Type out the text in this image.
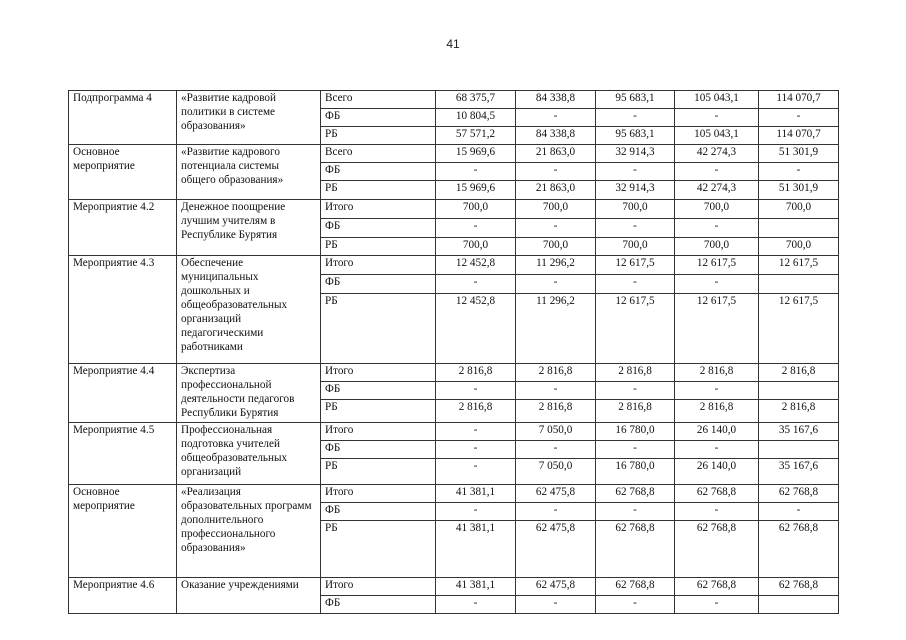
41
Подпрограмма 4	«Развитие кадровой политики в системе образования»	Всего	68 375,7	84 338,8	95 683,1	105 043,1	114 070,7
		ФБ	10 804,5	-	-	-	-
		РБ	57 571,2	84 338,8	95 683,1	105 043,1	114 070,7
Основное мероприятие	«Развитие кадрового потенциала системы общего образования»	Всего	15 969,6	21 863,0	32 914,3	42 274,3	51 301,9
		ФБ	-	-	-	-	-
		РБ	15 969,6	21 863,0	32 914,3	42 274,3	51 301,9
Мероприятие 4.2	Денежное поощрение лучшим учителям в Республике Бурятия	Итого	700,0	700,0	700,0	700,0	700,0
		ФБ	-	-	-	-	
		РБ	700,0	700,0	700,0	700,0	700,0
Мероприятие 4.3	Обеспечение муниципальных дошкольных и общеобразовательных организаций педагогическими работниками	Итого	12 452,8	11 296,2	12 617,5	12 617,5	12 617,5
		ФБ	-	-	-	-	
		РБ	12 452,8	11 296,2	12 617,5	12 617,5	12 617,5
Мероприятие 4.4	Экспертиза профессиональной деятельности педагогов Республики Бурятия	Итого	2 816,8	2 816,8	2 816,8	2 816,8	2 816,8
		ФБ	-	-	-	-	
		РБ	2 816,8	2 816,8	2 816,8	2 816,8	2 816,8
Мероприятие 4.5	Профессиональная подготовка учителей общеобразовательных организаций	Итого	-	7 050,0	16 780,0	26 140,0	35 167,6
		ФБ	-	-	-	-	
		РБ	-	7 050,0	16 780,0	26 140,0	35 167,6
Основное мероприятие	«Реализация образовательных программ дополнительного профессионального образования»	Итого	41 381,1	62 475,8	62 768,8	62 768,8	62 768,8
		ФБ	-	-	-	-	-
		РБ	41 381,1	62 475,8	62 768,8	62 768,8	62 768,8
Мероприятие 4.6	Оказание учреждениями	Итого	41 381,1	62 475,8	62 768,8	62 768,8	62 768,8
		ФБ	-	-	-	-	
